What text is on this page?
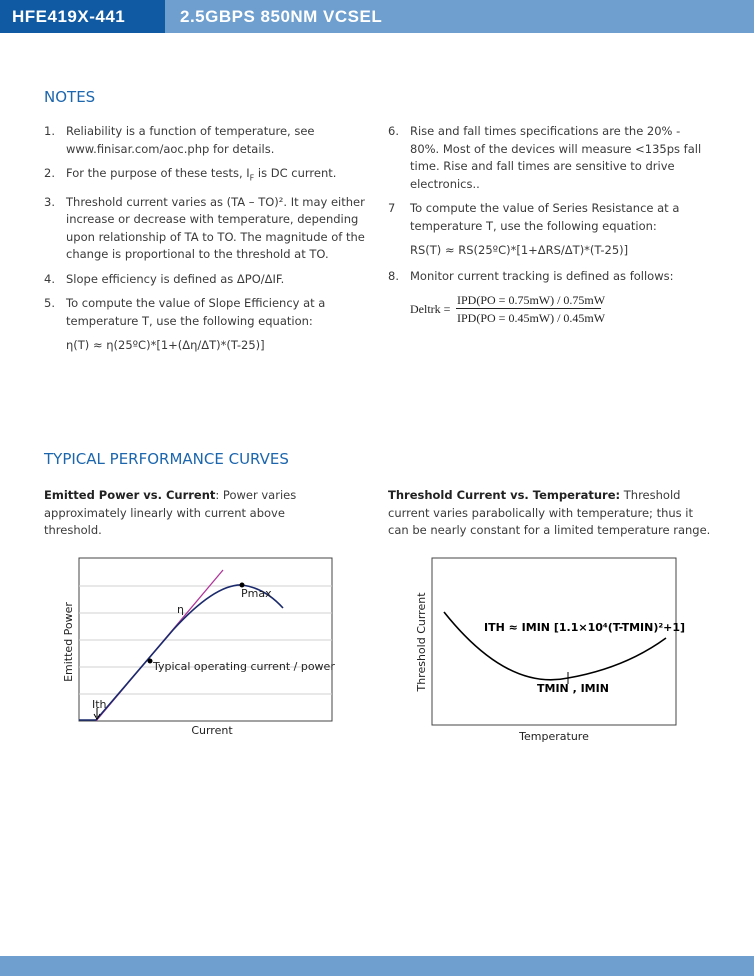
HFE419X-441	2.5GBPS 850NM VCSEL
NOTES
1. Reliability is a function of temperature, see www.finisar.com/aoc.php for details.
2. For the purpose of these tests, $I_F$ is DC current.
3. Threshold current varies as (TA – TO)². It may either increase or decrease with temperature, depending upon relationship of TA to TO. The magnitude of the change is proportional to the threshold at TO.
4. Slope efficiency is defined as ΔPO/ΔIF.
5. To compute the value of Slope Efficiency at a temperature T, use the following equation:
η(T) ≈ η(25ºC)*[1+(Δη/ΔT)*(T-25)]
6. Rise and fall times specifications are the 20% - 80%. Most of the devices will measure <135ps fall time. Rise and fall times are sensitive to drive electronics..
7 To compute the value of Series Resistance at a temperature T, use the following equation:
RS(T) ≈ RS(25ºC)*[1+ΔRS/ΔT)*(T-25)]
8. Monitor current tracking is defined as follows:
Deltrk =
IPD(PO = 0.75mW) / 0.75mW
IPD(PO = 0.45mW) / 0.45mW
TYPICAL PERFORMANCE CURVES
Emitted Power vs. Current: Power varies approximately linearly with current above threshold.
Threshold Current vs. Temperature: Threshold current varies parabolically with temperature; thus it can be nearly constant for a limited temperature range.
Pmax
η
Typical operating current / power
Ith
Current
Emitted Power	ITH ≈ IMIN [1.1×10⁴(T-TMIN)²+1]
TMIN , IMIN
Temperature
Threshold Current
